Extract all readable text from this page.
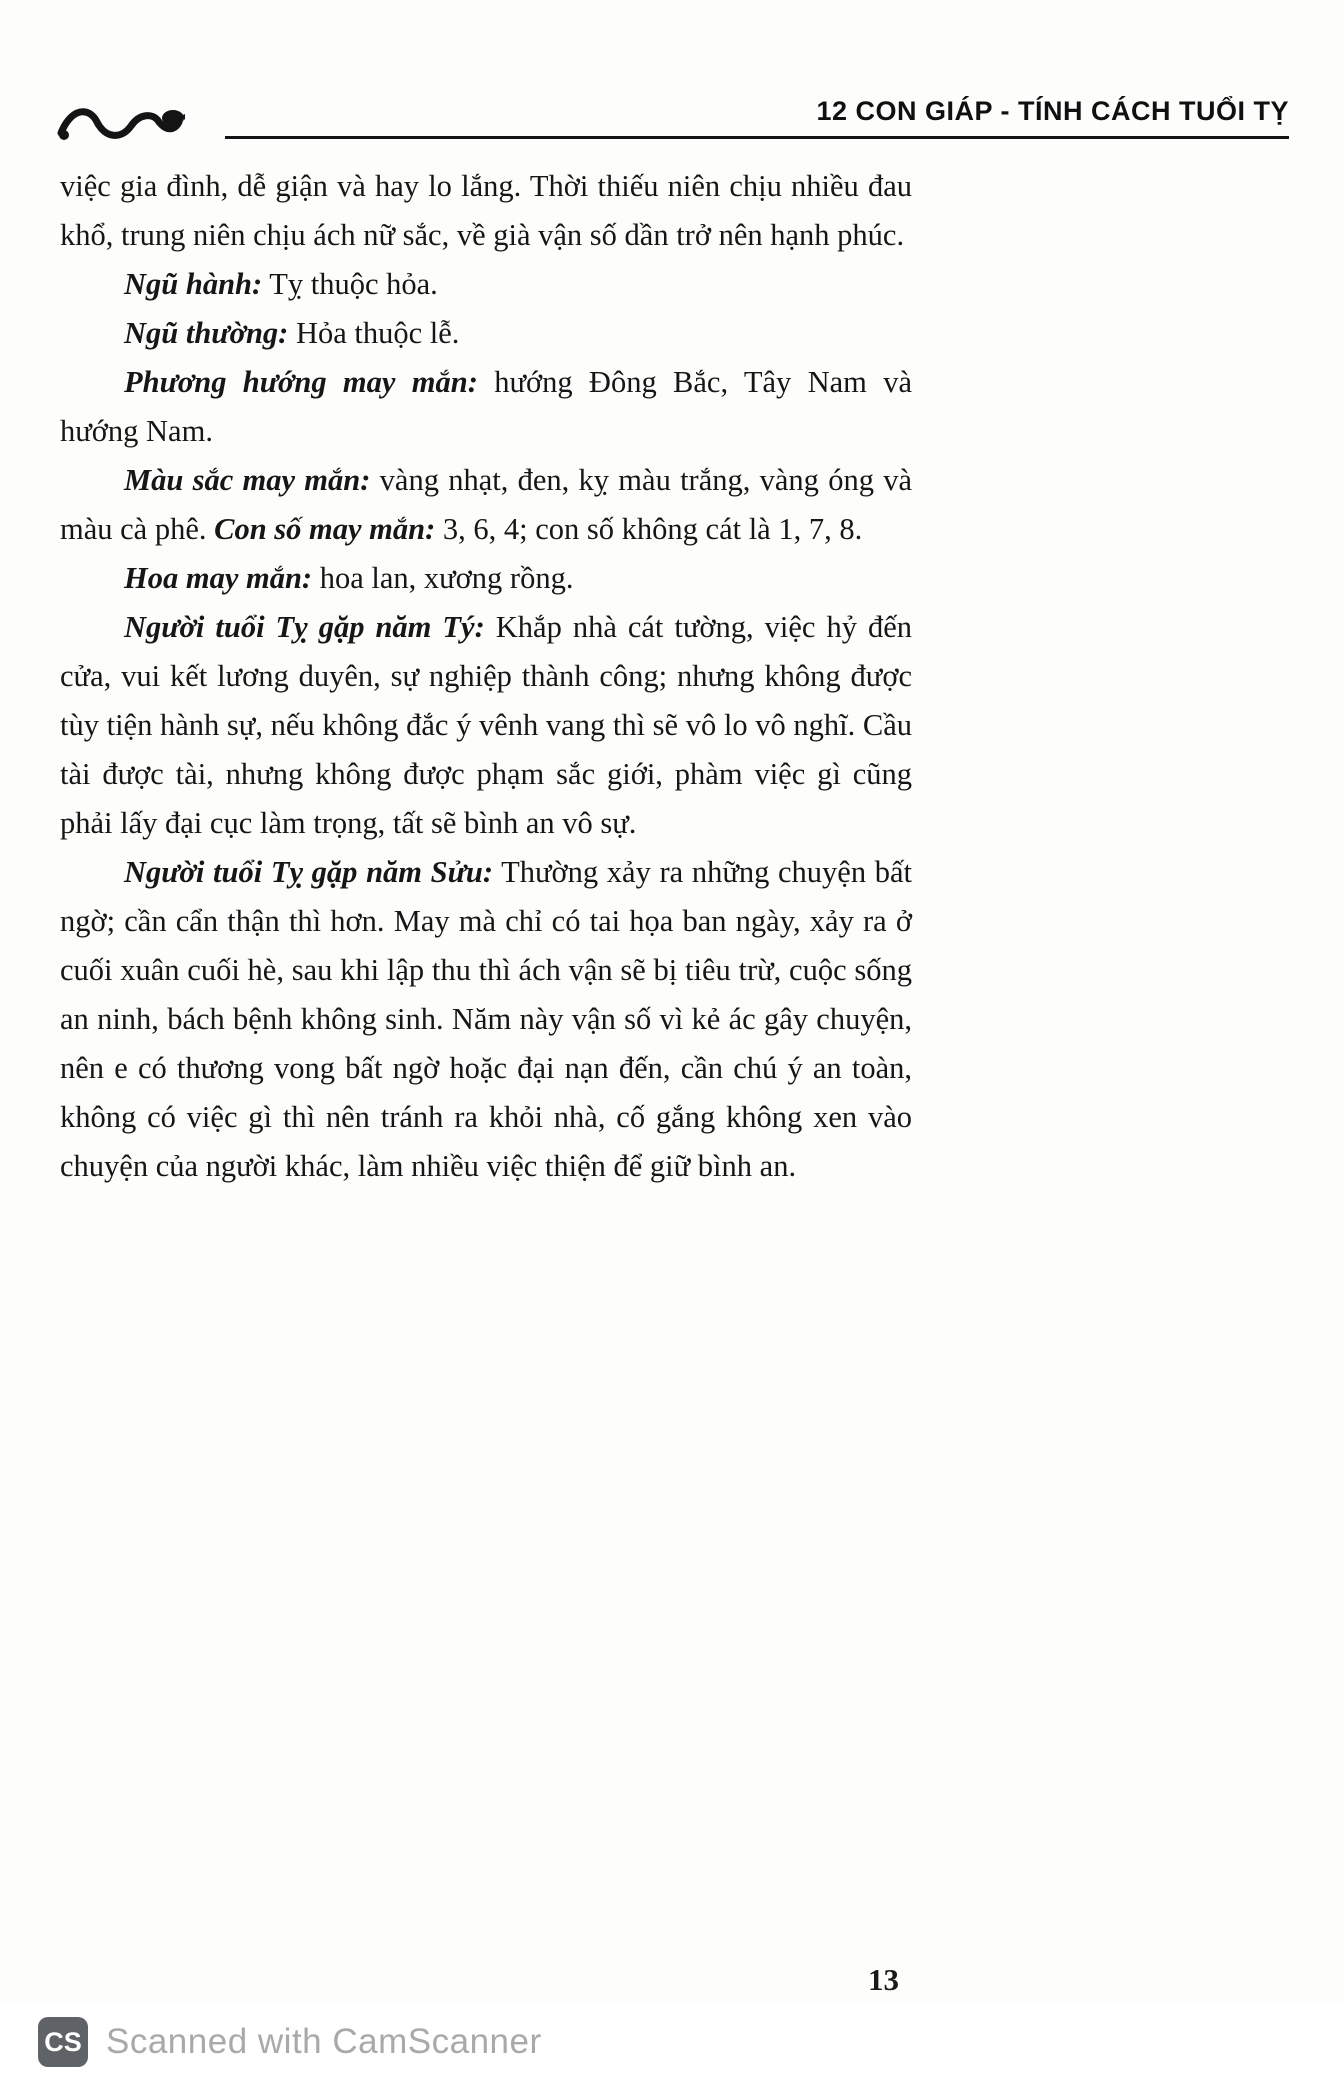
12 CON GIÁP - TÍNH CÁCH TUỔI TỴ

việc gia đình, dễ giận và hay lo lắng. Thời thiếu niên chịu nhiều đau khổ, trung niên chịu ách nữ sắc, về già vận số dần trở nên hạnh phúc.

Ngũ hành: Tỵ thuộc hỏa.

Ngũ thường: Hỏa thuộc lễ.

Phương hướng may mắn: hướng Đông Bắc, Tây Nam và hướng Nam.

Màu sắc may mắn: vàng nhạt, đen, kỵ màu trắng, vàng óng và màu cà phê. Con số may mắn: 3, 6, 4; con số không cát là 1, 7, 8.

Hoa may mắn: hoa lan, xương rồng.

Người tuổi Tỵ gặp năm Tý: Khắp nhà cát tường, việc hỷ đến cửa, vui kết lương duyên, sự nghiệp thành công; nhưng không được tùy tiện hành sự, nếu không đắc ý vênh vang thì sẽ vô lo vô nghĩ. Cầu tài được tài, nhưng không được phạm sắc giới, phàm việc gì cũng phải lấy đại cục làm trọng, tất sẽ bình an vô sự.

Người tuổi Tỵ gặp năm Sửu: Thường xảy ra những chuyện bất ngờ; cần cẩn thận thì hơn. May mà chỉ có tai họa ban ngày, xảy ra ở cuối xuân cuối hè, sau khi lập thu thì ách vận sẽ bị tiêu trừ, cuộc sống an ninh, bách bệnh không sinh. Năm này vận số vì kẻ ác gây chuyện, nên e có thương vong bất ngờ hoặc đại nạn đến, cần chú ý an toàn, không có việc gì thì nên tránh ra khỏi nhà, cố gắng không xen vào chuyện của người khác, làm nhiều việc thiện để giữ bình an.

13
CS Scanned with CamScanner
